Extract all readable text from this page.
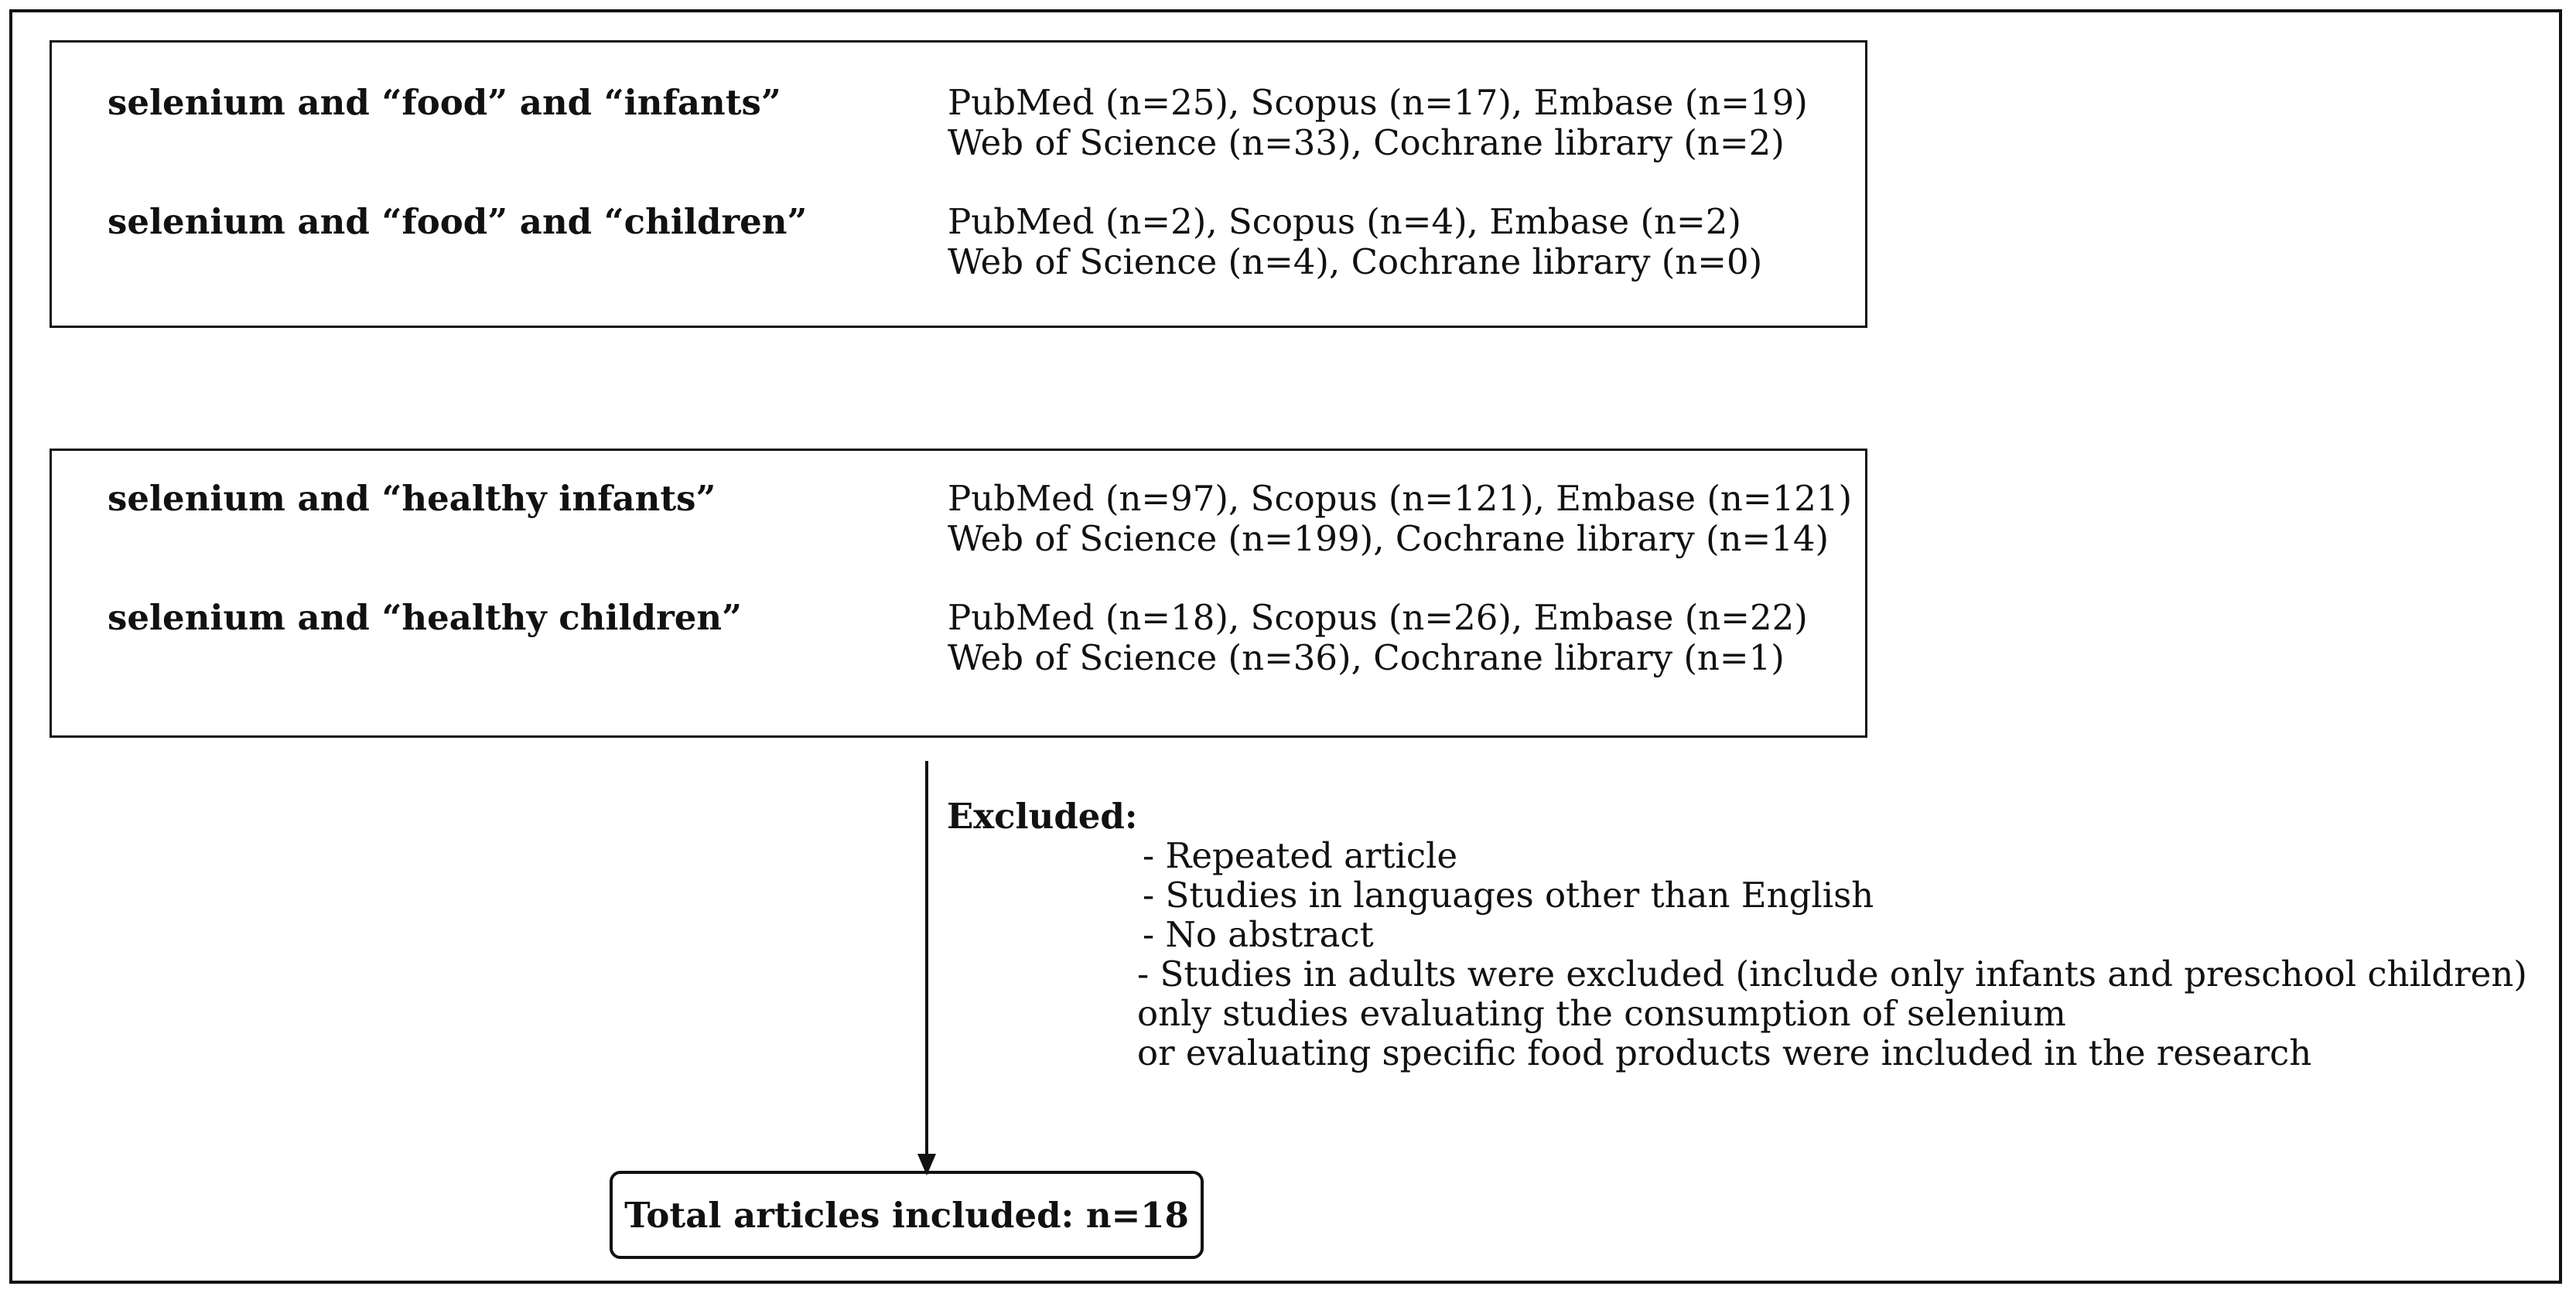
selenium and “food” and “infants”	PubMed (n=25), Scopus (n=17), Embase (n=19)
Web of Science (n=33), Cochrane library (n=2)
selenium and “food” and “children”	PubMed (n=2), Scopus (n=4), Embase (n=2)
Web of Science (n=4), Cochrane library (n=0)
selenium and “healthy infants”	PubMed (n=97), Scopus (n=121), Embase (n=121)
Web of Science (n=199), Cochrane library (n=14)
selenium and “healthy children”	PubMed (n=18), Scopus (n=26), Embase (n=22)
Web of Science (n=36), Cochrane library (n=1)
Excluded:
- Repeated article
- Studies in languages other than English
- No abstract
- Studies in adults were excluded (include only infants and preschool children)
only studies evaluating the consumption of selenium
or evaluating specific food products were included in the research
Total articles included: n=18
